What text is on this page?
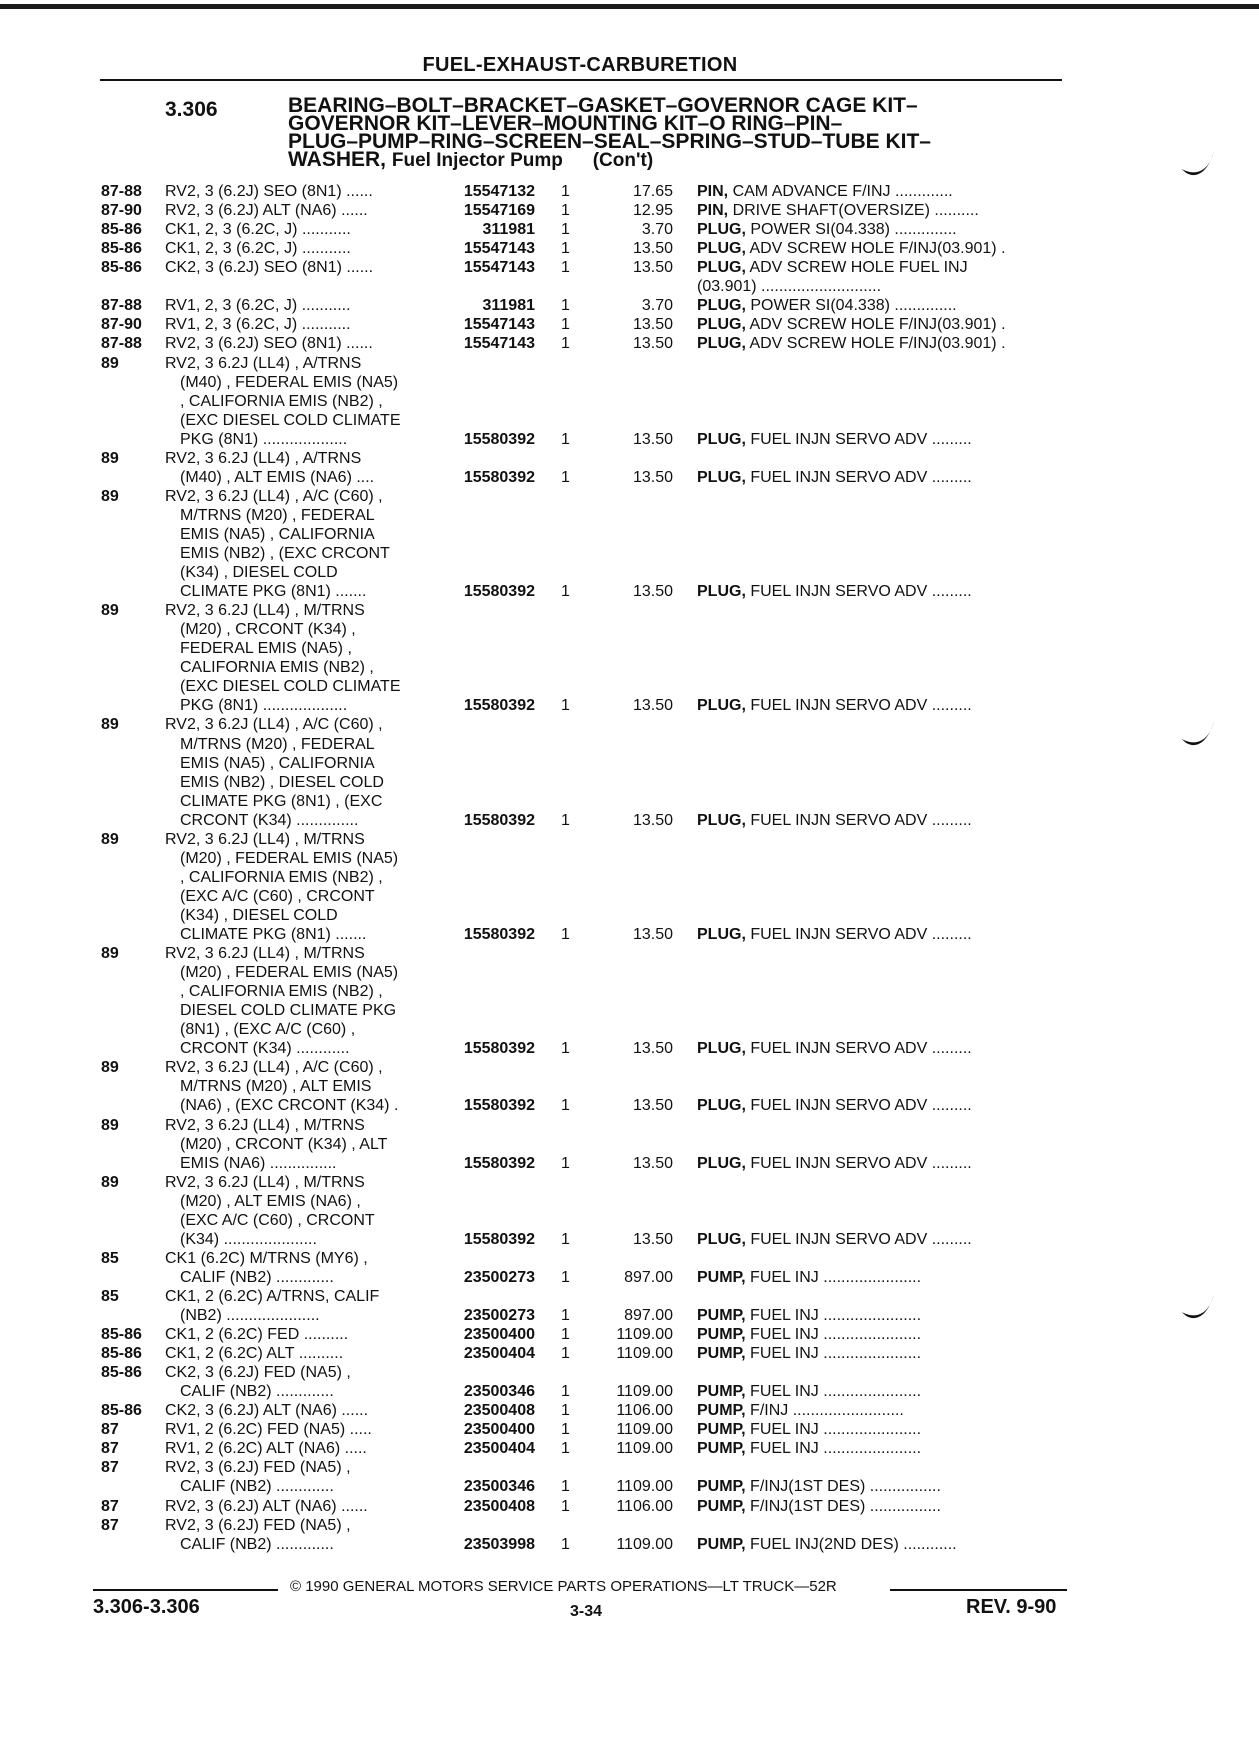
FUEL-EXHAUST-CARBURETION
3.306	BEARING–BOLT–BRACKET–GASKET–GOVERNOR CAGE KIT–
GOVERNOR KIT–LEVER–MOUNTING KIT–O RING–PIN–
PLUG–PUMP–RING–SCREEN–SEAL–SPRING–STUD–TUBE KIT–
WASHER, Fuel Injector Pump (Con't)
87-88 RV2, 3 (6.2J) SEO (8N1) ......	15547132 1	17.65 PIN, CAM ADVANCE F/INJ .............
87-90 RV2, 3 (6.2J) ALT (NA6) ......	15547169 1	12.95 PIN, DRIVE SHAFT(OVERSIZE) ..........
85-86 CK1, 2, 3 (6.2C, J) ...........	311981 1	3.70 PLUG, POWER SI(04.338) ..............
85-86 CK1, 2, 3 (6.2C, J) ...........	15547143 1	13.50 PLUG, ADV SCREW HOLE F/INJ(03.901) .
85-86 CK2, 3 (6.2J) SEO (8N1) ......	15547143 1	13.50 PLUG, ADV SCREW HOLE FUEL INJ
(03.901) ...........................
87-88 RV1, 2, 3 (6.2C, J) ...........	311981 1	3.70 PLUG, POWER SI(04.338) ..............
87-90 RV1, 2, 3 (6.2C, J) ...........	15547143 1	13.50 PLUG, ADV SCREW HOLE F/INJ(03.901) .
87-88 RV2, 3 (6.2J) SEO (8N1) ......	15547143 1	13.50 PLUG, ADV SCREW HOLE F/INJ(03.901) .
89	RV2, 3 6.2J (LL4) , A/TRNS
(M40) , FEDERAL EMIS (NA5)
, CALIFORNIA EMIS (NB2) ,
(EXC DIESEL COLD CLIMATE
PKG (8N1) ...................	15580392 1	13.50 PLUG, FUEL INJN SERVO ADV .........
89	RV2, 3 6.2J (LL4) , A/TRNS
(M40) , ALT EMIS (NA6) ....	15580392 1	13.50 PLUG, FUEL INJN SERVO ADV .........
89	RV2, 3 6.2J (LL4) , A/C (C60) ,
M/TRNS (M20) , FEDERAL
EMIS (NA5) , CALIFORNIA
EMIS (NB2) , (EXC CRCONT
(K34) , DIESEL COLD
CLIMATE PKG (8N1) .......	15580392 1	13.50 PLUG, FUEL INJN SERVO ADV .........
89	RV2, 3 6.2J (LL4) , M/TRNS
(M20) , CRCONT (K34) ,
FEDERAL EMIS (NA5) ,
CALIFORNIA EMIS (NB2) ,
(EXC DIESEL COLD CLIMATE
PKG (8N1) ...................	15580392 1	13.50 PLUG, FUEL INJN SERVO ADV .........
89	RV2, 3 6.2J (LL4) , A/C (C60) ,
M/TRNS (M20) , FEDERAL
EMIS (NA5) , CALIFORNIA
EMIS (NB2) , DIESEL COLD
CLIMATE PKG (8N1) , (EXC
CRCONT (K34) ..............	15580392 1	13.50 PLUG, FUEL INJN SERVO ADV .........
89	RV2, 3 6.2J (LL4) , M/TRNS
(M20) , FEDERAL EMIS (NA5)
, CALIFORNIA EMIS (NB2) ,
(EXC A/C (C60) , CRCONT
(K34) , DIESEL COLD
CLIMATE PKG (8N1) .......	15580392 1	13.50 PLUG, FUEL INJN SERVO ADV .........
89	RV2, 3 6.2J (LL4) , M/TRNS
(M20) , FEDERAL EMIS (NA5)
, CALIFORNIA EMIS (NB2) ,
DIESEL COLD CLIMATE PKG
(8N1) , (EXC A/C (C60) ,
CRCONT (K34) ............	15580392 1	13.50 PLUG, FUEL INJN SERVO ADV .........
89	RV2, 3 6.2J (LL4) , A/C (C60) ,
M/TRNS (M20) , ALT EMIS
(NA6) , (EXC CRCONT (K34) .	15580392 1	13.50 PLUG, FUEL INJN SERVO ADV .........
89	RV2, 3 6.2J (LL4) , M/TRNS
(M20) , CRCONT (K34) , ALT
EMIS (NA6) ...............	15580392 1	13.50 PLUG, FUEL INJN SERVO ADV .........
89	RV2, 3 6.2J (LL4) , M/TRNS
(M20) , ALT EMIS (NA6) ,
(EXC A/C (C60) , CRCONT
(K34) .....................	15580392 1	13.50 PLUG, FUEL INJN SERVO ADV .........
85	CK1 (6.2C) M/TRNS (MY6) ,
CALIF (NB2) .............	23500273 1	897.00 PUMP, FUEL INJ ......................
85	CK1, 2 (6.2C) A/TRNS, CALIF
(NB2) .....................	23500273 1	897.00 PUMP, FUEL INJ ......................
85-86 CK1, 2 (6.2C) FED ..........	23500400 1	1109.00 PUMP, FUEL INJ ......................
85-86 CK1, 2 (6.2C) ALT ..........	23500404 1	1109.00 PUMP, FUEL INJ ......................
85-86 CK2, 3 (6.2J) FED (NA5) ,
CALIF (NB2) .............	23500346 1	1109.00 PUMP, FUEL INJ ......................
85-86 CK2, 3 (6.2J) ALT (NA6) ......	23500408 1	1106.00 PUMP, F/INJ .........................
87	RV1, 2 (6.2C) FED (NA5) .....	23500400 1	1109.00 PUMP, FUEL INJ ......................
87	RV1, 2 (6.2C) ALT (NA6) .....	23500404 1	1109.00 PUMP, FUEL INJ ......................
87	RV2, 3 (6.2J) FED (NA5) ,
CALIF (NB2) .............	23500346 1	1109.00 PUMP, F/INJ(1ST DES) ................
87	RV2, 3 (6.2J) ALT (NA6) ......	23500408 1	1106.00 PUMP, F/INJ(1ST DES) ................
87	RV2, 3 (6.2J) FED (NA5) ,
CALIF (NB2) .............	23503998 1	1109.00 PUMP, FUEL INJ(2ND DES) ............
© 1990 GENERAL MOTORS SERVICE PARTS OPERATIONS—LT TRUCK—52R
3.306-3.306	3-34	REV. 9-90
